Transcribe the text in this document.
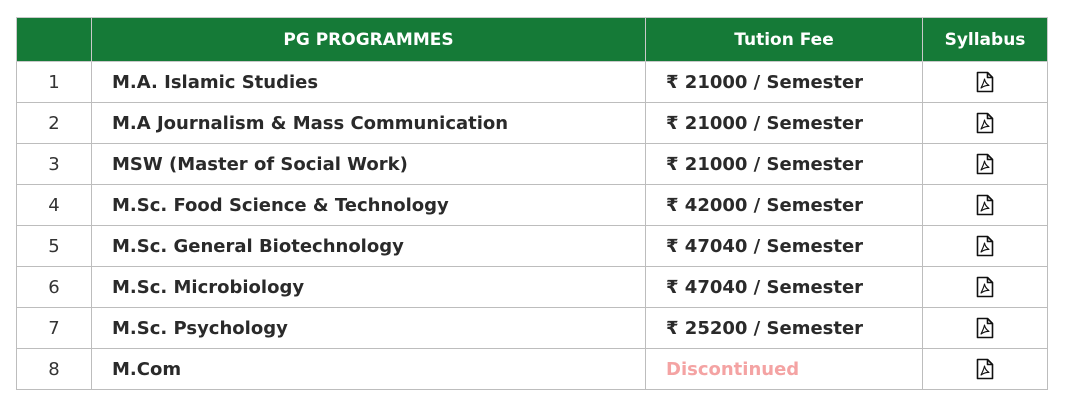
	PG PROGRAMMES	Tution Fee	Syllabus
1	M.A. Islamic Studies	₹ 21000 / Semester	
2	M.A Journalism & Mass Communication	₹ 21000 / Semester	
3	MSW (Master of Social Work)	₹ 21000 / Semester	
4	M.Sc. Food Science & Technology	₹ 42000 / Semester	
5	M.Sc. General Biotechnology	₹ 47040 / Semester	
6	M.Sc. Microbiology	₹ 47040 / Semester	
7	M.Sc. Psychology	₹ 25200 / Semester	
8	M.Com	Discontinued	
